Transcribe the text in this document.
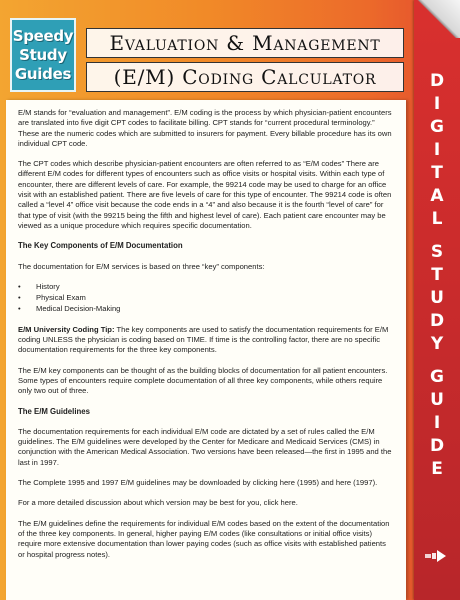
Speedy
Study
Guides
Evaluation & Management
(E/M) Coding Calculator

E/M stands for “evaluation and management”. E/M coding is the process by which physician-patient encounters are translated into five digit CPT codes to facilitate billing. CPT stands for “current procedural terminology.” These are the numeric codes which are submitted to insurers for payment. Every billable procedure has its own individual CPT code.

The CPT codes which describe physician-patient encounters are often referred to as “E/M codes” There are different E/M codes for different types of encounters such as office visits or hospital visits. Within each type of encounter, there are different levels of care. For example, the 99214 code may be used to charge for an office visit with an established patient. There are five levels of care for this type of encounter. The 99214 code is often called a “level 4” office visit because the code ends in a “4” and also because it is the fourth “level of care” for that type of visit (with the 99215 being the fifth and highest level of care). Each patient care encounter may be viewed as a unique procedure which requires specific documentation.

The Key Components of E/M Documentation

The documentation for E/M services is based on three “key” components:

• History
• Physical Exam
• Medical Decision-Making

E/M University Coding Tip: The key components are used to satisfy the documentation requirements for E/M coding UNLESS the physician is coding based on TIME. If time is the controlling factor, there are no specific documentation requirements for the three key components.

The E/M key components can be thought of as the building blocks of documentation for all patient encounters. Some types of encounters require complete documentation of all three key components, while others require only two out of three.

The E/M Guidelines

The documentation requirements for each individual E/M code are dictated by a set of rules called the E/M guidelines. The E/M guidelines were developed by the Center for Medicare and Medicaid Services (CMS) in conjunction with the American Medical Association. Two versions have been released—the first in 1995 and the last in 1997.

The Complete 1995 and 1997 E/M guidelines may be downloaded by clicking here (1995) and here (1997).

For a more detailed discussion about which version may be best for you, click here.

The E/M guidelines define the requirements for individual E/M codes based on the extent of the documentation of the three key components. In general, higher paying E/M codes (like consultations or initial office visits) require more extensive documentation than lower paying codes (such as office visits with established patients or hospital progress notes).

D
I
G
I
T
A
L
S
T
U
D
Y
G
U
I
D
E
